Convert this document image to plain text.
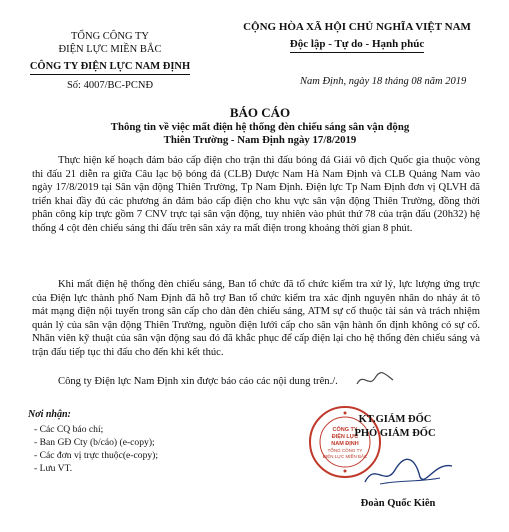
TỔNG CÔNG TY
ĐIỆN LỰC MIỀN BẮC
CÔNG TY ĐIỆN LỰC NAM ĐỊNH
Số: 4007/BC-PCNĐ
CỘNG HÒA XÃ HỘI CHỦ NGHĨA VIỆT NAM
Độc lập - Tự do - Hạnh phúc
Nam Định, ngày 18 tháng 08 năm 2019
BÁO CÁO
Thông tin về việc mất điện hệ thống đèn chiếu sáng sân vận động
Thiên Trường - Nam Định ngày 17/8/2019
Thực hiện kế hoạch đảm bảo cấp điện cho trận thi đấu bóng đá Giải vô địch Quốc gia thuộc vòng thi đấu 21 diễn ra giữa Câu lạc bộ bóng đá (CLB) Dược Nam Hà Nam Định và CLB Quảng Nam vào ngày 17/8/2019 tại Sân vận động Thiên Trường, Tp Nam Định. Điện lực Tp Nam Định đơn vị QLVH đã triển khai đầy đủ các phương án đảm bảo cấp điện cho khu vực sân vận động Thiên Trường, đồng thời phân công kíp trực gồm 7 CNV trực tại sân vận động, tuy nhiên vào phút thứ 78 của trận đấu (20h32) hệ thống 4 cột đèn chiếu sáng thi đấu trên sân xảy ra mất điện trong khoảng thời gian 8 phút.
Khi mất điện hệ thống đèn chiếu sáng, Ban tổ chức đã tổ chức kiểm tra xử lý, lực lượng ứng trực của Điện lực thành phố Nam Định đã hỗ trợ Ban tổ chức kiểm tra xác định nguyên nhân do nhảy át tô mát mạng điện nội tuyến trong sân cấp cho dàn đèn chiếu sáng, ATM sự cố thuộc tài sản và trách nhiệm quản lý của sân vận động Thiên Trường, nguồn điện lưới cấp cho sân vận hành ổn định không có sự cố. Nhân viên kỹ thuật của sân vận động sau đó đã khắc phục để cấp điện lại cho hệ thống đèn chiếu sáng và trận đấu tiếp tục thi đấu cho đến khi kết thúc.
Công ty Điện lực Nam Định xin được báo cáo các nội dung trên./.
Nơi nhận:
- Các CQ báo chí;
- Ban GĐ Cty (b/cáo) (e-copy);
- Các đơn vị trực thuộc(e-copy);
- Lưu VT.
CÔNG TY
ĐIỆN LỰC
NAM ĐỊNH
TỔNG CÔNG TY
ĐIỆN LỰC MIỀN BẮC
KT.GIÁM ĐỐC
PHÓ GIÁM ĐỐC
Đoàn Quốc Kiên
